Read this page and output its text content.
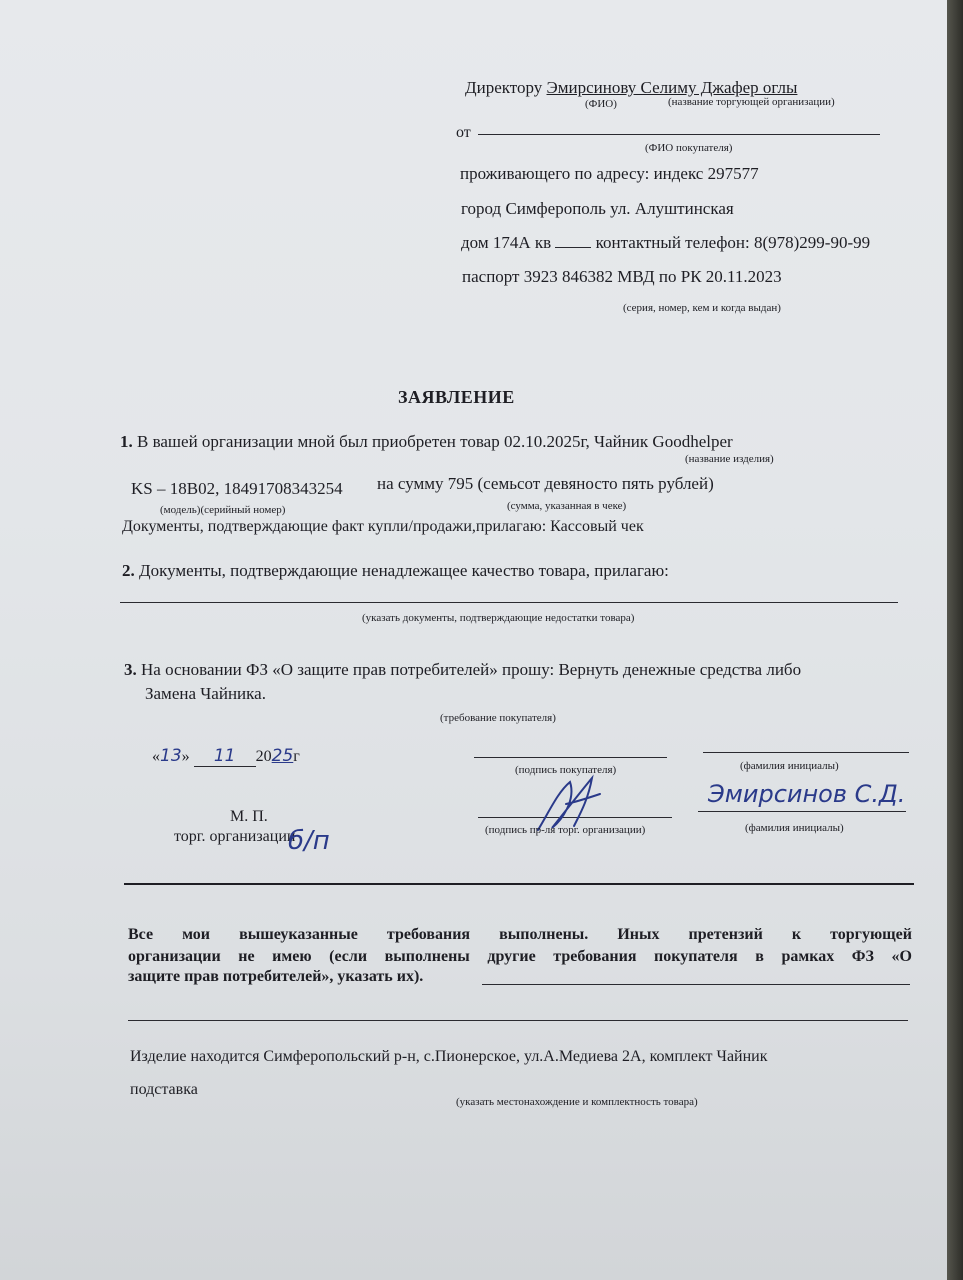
Директору Эмирсинову Селиму Джафер оглы
(ФИО)	(название торгующей организации)
от
(ФИО покупателя)
проживающего по адресу: индекс 297577
город Симферополь ул. Алуштинская
дом 174А кв	контактный телефон: 8(978)299-90-99
паспорт 3923 846382 МВД по РК 20.11.2023
(серия, номер, кем и когда выдан)
ЗАЯВЛЕНИЕ
1. В вашей организации мной был приобретен товар 02.10.2025г, Чайник Goodhelper
(название изделия)
KS – 18B02, 18491708343254 на сумму 795 (семьсот девяносто пять рублей)
(модель)(серийный номер)	(сумма, указанная в чеке)
Документы, подтверждающие факт купли/продажи,прилагаю: Кассовый чек
2. Документы, подтверждающие ненадлежащее качество товара, прилагаю:
(указать документы, подтверждающие недостатки товара)
3. На основании ФЗ «О защите прав потребителей» прошу: Вернуть денежные средства либо
Замена Чайника.
(требование покупателя)
«13» 11 2025г
(подпись покупателя)	(фамилия инициалы)
М. П.
торг. организации
б/п
Эмирсинов С.Д.
(подпись пр-ля торг. организации)	(фамилия инициалы)
Все мои вышеуказанные требования выполнены. Иных претензий к торгующей
организации не имею (если выполнены другие требования покупателя в рамках ФЗ «О
защите прав потребителей», указать их).
Изделие находится Симферопольский р-н, с.Пионерское, ул.А.Медиева 2А, комплект Чайник
подставка
(указать местонахождение и комплектность товара)
